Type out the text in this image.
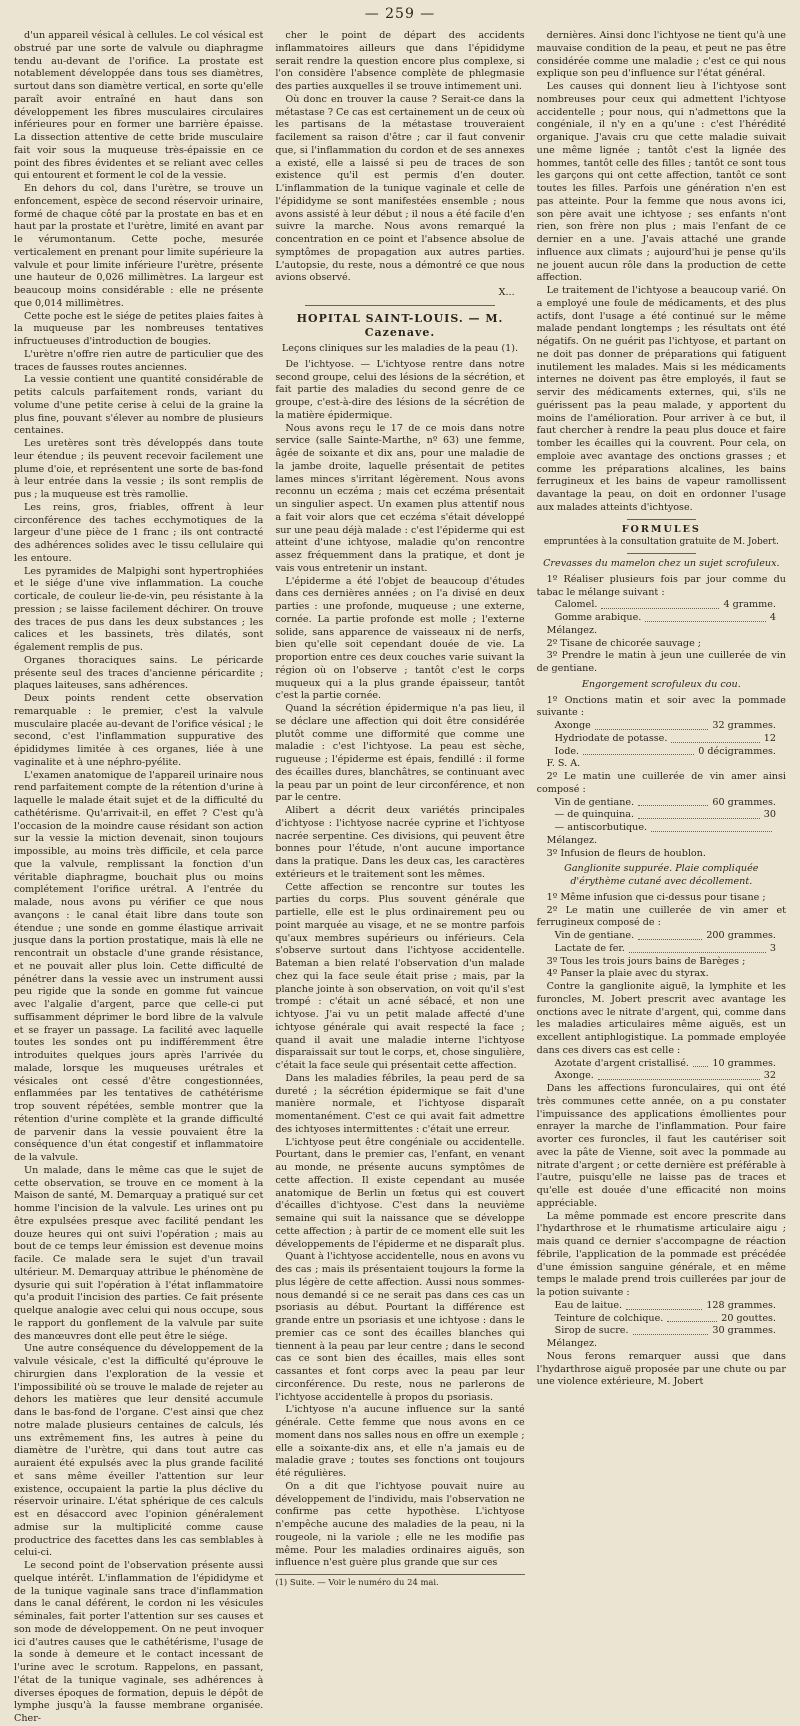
— 259 —

d'un appareil vésical à cellules. Le col vésical est obstrué par une sorte de valvule ou diaphragme tendu au-devant de l'orifice. La prostate est notablement développée dans tous ses diamètres, surtout dans son diamètre vertical, en sorte qu'elle paraît avoir entraîné en haut dans son développement les fibres musculaires circulaires inférieures pour en former une barrière épaisse. La dissection attentive de cette bride musculaire fait voir sous la muqueuse très-épaissie en ce point des fibres évidentes et se reliant avec celles qui entourent et forment le col de la vessie.

En dehors du col, dans l'urètre, se trouve un enfoncement, espèce de second réservoir urinaire, formé de chaque côté par la prostate en bas et en haut par la prostate et l'urètre, limité en avant par le vérumontanum. Cette poche, mesurée verticalement en prenant pour limite supérieure la valvule et pour limite inférieure l'urètre, présente une hauteur de 0,026 millimètres. La largeur est beaucoup moins considérable : elle ne présente que 0,014 millimètres.

Cette poche est le siége de petites plaies faites à la muqueuse par les nombreuses tentatives infructueuses d'introduction de bougies.

L'urètre n'offre rien autre de particulier que des traces de fausses routes anciennes.

La vessie contient une quantité considérable de petits calculs parfaitement ronds, variant du volume d'une petite cerise à celui de la graine la plus fine, pouvant s'élever au nombre de plusieurs centaines.

Les uretères sont très développés dans toute leur étendue ; ils peuvent recevoir facilement une plume d'oie, et représentent une sorte de bas-fond à leur entrée dans la vessie ; ils sont remplis de pus ; la muqueuse est très ramollie.

Les reins, gros, friables, offrent à leur circonférence des taches ecchymotiques de la largeur d'une pièce de 1 franc ; ils ont contracté des adhérences solides avec le tissu cellulaire qui les entoure.

Les pyramides de Malpighi sont hypertrophiées et le siége d'une vive inflammation. La couche corticale, de couleur lie-de-vin, peu résistante à la pression ; se laisse facilement déchirer. On trouve des traces de pus dans les deux substances ; les calices et les bassinets, très dilatés, sont également remplis de pus.

Organes thoraciques sains. Le péricarde présente seul des traces d'ancienne péricardite ; plaques laiteuses, sans adhérences.

Deux points rendent cette observation remarquable : le premier, c'est la valvule musculaire placée au-devant de l'orifice vésical ; le second, c'est l'inflammation suppurative des épididymes limitée à ces organes, liée à une vaginalite et à une néphro-pyélite.

L'examen anatomique de l'appareil urinaire nous rend parfaitement compte de la rétention d'urine à laquelle le malade était sujet et de la difficulté du cathétérisme. Qu'arrivait-il, en effet ? C'est qu'à l'occasion de la moindre cause résidant son action sur la vessie la miction devenait, sinon toujours impossible, au moins très difficile, et cela parce que la valvule, remplissant la fonction d'un véritable diaphragme, bouchait plus ou moins complétement l'orifice urétral. A l'entrée du malade, nous avons pu vérifier ce que nous avançons : le canal était libre dans toute son étendue ; une sonde en gomme élastique arrivait jusque dans la portion prostatique, mais là elle ne rencontrait un obstacle d'une grande résistance, et ne pouvait aller plus loin. Cette difficulté de pénétrer dans la vessie avec un instrument aussi peu rigide que la sonde en gomme fut vaincue avec l'algalie d'argent, parce que celle-ci put suffisamment déprimer le bord libre de la valvule et se frayer un passage. La facilité avec laquelle toutes les sondes ont pu indifféremment être introduites quelques jours après l'arrivée du malade, lorsque les muqueuses urétrales et vésicales ont cessé d'être congestionnées, enflammées par les tentatives de cathétérisme trop souvent répétées, semble montrer que la rétention d'urine complète et la grande difficulté de parvenir dans la vessie pouvaient être la conséquence d'un état congestif et inflammatoire de la valvule.

Un malade, dans le même cas que le sujet de cette observation, se trouve en ce moment à la Maison de santé, M. Demarquay a pratiqué sur cet homme l'incision de la valvule. Les urines ont pu être expulsées presque avec facilité pendant les douze heures qui ont suivi l'opération ; mais au bout de ce temps leur émission est devenue moins facile. Ce malade sera le sujet d'un travail ultérieur. M. Demarquay attribue le phénomène de dysurie qui suit l'opération à l'état inflammatoire qu'a produit l'incision des parties. Ce fait présente quelque analogie avec celui qui nous occupe, sous le rapport du gonflement de la valvule par suite des manœuvres dont elle peut être le siége.

Une autre conséquence du développement de la valvule vésicale, c'est la difficulté qu'éprouve le chirurgien dans l'exploration de la vessie et l'impossibilité où se trouve le malade de rejeter au dehors les matières que leur densité accumule dans le bas-fond de l'organe. C'est ainsi que chez notre malade plusieurs centaines de calculs, lés uns extrêmement fins, les autres à peine du diamètre de l'urètre, qui dans tout autre cas auraient été expulsés avec la plus grande facilité et sans même éveiller l'attention sur leur existence, occupaient la partie la plus déclive du réservoir urinaire. L'état sphérique de ces calculs est en désaccord avec l'opinion généralement admise sur la multiplicité comme cause productrice des facettes dans les cas semblables à celui-ci.

Le second point de l'observation présente aussi quelque intérêt. L'inflammation de l'épididyme et de la tunique vaginale sans trace d'inflammation dans le canal déférent, le cordon ni les vésicules séminales, fait porter l'attention sur ses causes et son mode de développement. On ne peut invoquer ici d'autres causes que le cathétérisme, l'usage de la sonde à demeure et le contact incessant de l'urine avec le scrotum. Rappelons, en passant, l'état de la tunique vaginale, ses adhérences à diverses époques de formation, depuis le dépôt de lymphe jusqu'à la fausse membrane organisée. Cher-

cher le point de départ des accidents inflammatoires ailleurs que dans l'épididyme serait rendre la question encore plus complexe, si l'on considère l'absence complète de phlegmasie des parties auxquelles il se trouve intimement uni.

Où donc en trouver la cause ? Serait-ce dans la métastase ? Ce cas est certainement un de ceux où les partisans de la métastase trouveraient facilement sa raison d'être ; car il faut convenir que, si l'inflammation du cordon et de ses annexes a existé, elle a laissé si peu de traces de son existence qu'il est permis d'en douter. L'inflammation de la tunique vaginale et celle de l'épididyme se sont manifestées ensemble ; nous avons assisté à leur début ; il nous a été facile d'en suivre la marche. Nous avons remarqué la concentration en ce point et l'absence absolue de symptômes de propagation aux autres parties. L'autopsie, du reste, nous a démontré ce que nous avions observé.

X...
HOPITAL SAINT-LOUIS. — M. Cazenave.
Leçons cliniques sur les maladies de la peau (1).

De l'ichtyose. — L'ichtyose rentre dans notre second groupe, celui des lésions de la sécrétion, et fait partie des maladies du second genre de ce groupe, c'est-à-dire des lésions de la sécrétion de la matière épidermique.

Nous avons reçu le 17 de ce mois dans notre service (salle Sainte-Marthe, nº 63) une femme, âgée de soixante et dix ans, pour une maladie de la jambe droite, laquelle présentait de petites lames minces s'irritant légèrement. Nous avons reconnu un eczéma ; mais cet eczéma présentait un singulier aspect. Un examen plus attentif nous a fait voir alors que cet eczéma s'était développé sur une peau déjà malade : c'est l'épiderme qui est atteint d'une ichtyose, maladie qu'on rencontre assez fréquemment dans la pratique, et dont je vais vous entretenir un instant.

L'épiderme a été l'objet de beaucoup d'études dans ces dernières années ; on l'a divisé en deux parties : une profonde, muqueuse ; une externe, cornée. La partie profonde est molle ; l'externe solide, sans apparence de vaisseaux ni de nerfs, bien qu'elle soit cependant douée de vie. La proportion entre ces deux couches varie suivant la région où on l'observe ; tantôt c'est le corps muqueux qui a la plus grande épaisseur, tantôt c'est la partie cornée.

Quand la sécrétion épidermique n'a pas lieu, il se déclare une affection qui doit être considérée plutôt comme une difformité que comme une maladie : c'est l'ichtyose. La peau est sèche, rugueuse ; l'épiderme est épais, fendillé : il forme des écailles dures, blanchâtres, se continuant avec la peau par un point de leur circonférence, et non par le centre.

Alibert a décrit deux variétés principales d'ichtyose : l'ichtyose nacrée cyprine et l'ichtyose nacrée serpentine. Ces divisions, qui peuvent être bonnes pour l'étude, n'ont aucune importance dans la pratique. Dans les deux cas, les caractères extérieurs et le traitement sont les mêmes.

Cette affection se rencontre sur toutes les parties du corps. Plus souvent générale que partielle, elle est le plus ordinairement peu ou point marquée au visage, et ne se montre parfois qu'aux membres supérieurs ou inférieurs. Cela s'observe surtout dans l'ichtyose accidentelle. Bateman a bien relaté l'observation d'un malade chez qui la face seule était prise ; mais, par la planche jointe à son observation, on voit qu'il s'est trompé : c'était un acné sébacé, et non une ichtyose. J'ai vu un petit malade affecté d'une ichtyose générale qui avait respecté la face ; quand il avait une maladie interne l'ichtyose disparaissait sur tout le corps, et, chose singulière, c'était la face seule qui présentait cette affection.

Dans les maladies fébriles, la peau perd de sa dureté ; la sécrétion épidermique se fait d'une manière normale, et l'ichtyose disparaît momentanément. C'est ce qui avait fait admettre des ichtyoses intermittentes : c'était une erreur.

L'ichtyose peut être congéniale ou accidentelle. Pourtant, dans le premier cas, l'enfant, en venant au monde, ne présente aucuns symptômes de cette affection. Il existe cependant au musée anatomique de Berlin un fœtus qui est couvert d'écailles d'ichtyose. C'est dans la neuvième semaine qui suit la naissance que se développe cette affection ; à partir de ce moment elle suit les développements de l'épiderme et ne disparaît plus.

Quant à l'ichtyose accidentelle, nous en avons vu des cas ; mais ils présentaient toujours la forme la plus légère de cette affection. Aussi nous sommes-nous demandé si ce ne serait pas dans ces cas un psoriasis au début. Pourtant la différence est grande entre un psoriasis et une ichtyose : dans le premier cas ce sont des écailles blanches qui tiennent à la peau par leur centre ; dans le second cas ce sont bien des écailles, mais elles sont cassantes et font corps avec la peau par leur circonférence. Du reste, nous ne parlerons de l'ichtyose accidentelle à propos du psoriasis.

L'ichtyose n'a aucune influence sur la santé générale. Cette femme que nous avons en ce moment dans nos salles nous en offre un exemple ; elle a soixante-dix ans, et elle n'a jamais eu de maladie grave ; toutes ses fonctions ont toujours été régulières.

On a dit que l'ichtyose pouvait nuire au développement de l'individu, mais l'observation ne confirme pas cette hypothèse. L'ichtyose n'empêche aucune des maladies de la peau, ni la rougeole, ni la variole ; elle ne les modifie pas même. Pour les maladies ordinaires aiguës, son influence n'est guère plus grande que sur ces

(1) Suite. — Voir le numéro du 24 mai.

dernières. Ainsi donc l'ichtyose ne tient qu'à une mauvaise condition de la peau, et peut ne pas être considérée comme une maladie ; c'est ce qui nous explique son peu d'influence sur l'état général.

Les causes qui donnent lieu à l'ichtyose sont nombreuses pour ceux qui admettent l'ichtyose accidentelle ; pour nous, qui n'admettons que la congéniale, il n'y en a qu'une : c'est l'hérédité organique. J'avais cru que cette maladie suivait une même lignée ; tantôt c'est la lignée des hommes, tantôt celle des filles ; tantôt ce sont tous les garçons qui ont cette affection, tantôt ce sont toutes les filles. Parfois une génération n'en est pas atteinte. Pour la femme que nous avons ici, son père avait une ichtyose ; ses enfants n'ont rien, son frère non plus ; mais l'enfant de ce dernier en a une. J'avais attaché une grande influence aux climats ; aujourd'hui je pense qu'ils ne jouent aucun rôle dans la production de cette affection.

Le traitement de l'ichtyose a beaucoup varié. On a employé une foule de médicaments, et des plus actifs, dont l'usage a été continué sur le même malade pendant longtemps ; les résultats ont été négatifs. On ne guérit pas l'ichtyose, et partant on ne doit pas donner de préparations qui fatiguent inutilement les malades. Mais si les médicaments internes ne doivent pas être employés, il faut se servir des médicaments externes, qui, s'ils ne guérissent pas la peau malade, y apportent du moins de l'amélioration. Pour arriver à ce but, il faut chercher à rendre la peau plus douce et faire tomber les écailles qui la couvrent. Pour cela, on emploie avec avantage des onctions grasses ; et comme les préparations alcalines, les bains ferrugineux et les bains de vapeur ramollissent davantage la peau, on doit en ordonner l'usage aux malades atteints d'ichtyose.

FORMULES
empruntées à la consultation gratuite de M. Jobert.
Crevasses du mamelon chez un sujet scrofuleux.

1º Réaliser plusieurs fois par jour comme du tabac le mélange suivant :

Calomel.	4 gramme.
Gomme arabique.	4

Mélangez.

2º Tisane de chicorée sauvage ;

3º Prendre le matin à jeun une cuillerée de vin de gentiane.

Engorgement scrofuleux du cou.

1º Onctions matin et soir avec la pommade suivante :

Axonge	32 grammes.
Hydriodate de potasse.	12
Iode.	0 décigrammes.

F. S. A.

2º Le matin une cuillerée de vin amer ainsi composé :

Vin de gentiane.	60 grammes.
— de quinquina.	30
— antiscorbutique.

Mélangez.

3º Infusion de fleurs de houblon.

Ganglionite suppurée. Plaie compliquée d'érythème cutané avec décollement.

1º Même infusion que ci-dessus pour tisane ;

2º Le matin une cuillerée de vin amer et ferrugineux composé de :

Vin de gentiane.	200 grammes.
Lactate de fer.	3

3º Tous les trois jours bains de Barèges ;

4º Panser la plaie avec du styrax.

Contre la ganglionite aiguë, la lymphite et les furoncles, M. Jobert prescrit avec avantage les onctions avec le nitrate d'argent, qui, comme dans les maladies articulaires même aiguës, est un excellent antiphlogistique. La pommade employée dans ces divers cas est celle :

Azotate d'argent cristallisé. 10 grammes.
Axonge.	32

Dans les affections furonculaires, qui ont été très communes cette année, on a pu constater l'impuissance des applications émollientes pour enrayer la marche de l'inflammation. Pour faire avorter ces furoncles, il faut les cautériser soit avec la pâte de Vienne, soit avec la pommade au nitrate d'argent ; or cette dernière est préférable à l'autre, puisqu'elle ne laisse pas de traces et qu'elle est douée d'une efficacité non moins appréciable.

La même pommade est encore prescrite dans l'hydarthrose et le rhumatisme articulaire aigu ; mais quand ce dernier s'accompagne de réaction fébrile, l'application de la pommade est précédée d'une émission sanguine générale, et en même temps le malade prend trois cuillerées par jour de la potion suivante :

Eau de laitue.	128 grammes.
Teinture de colchique.	20 gouttes.
Sirop de sucre.	30 grammes.

Mélangez.

Nous ferons remarquer aussi que dans l'hydarthrose aiguë proposée par une chute ou par une violence extérieure, M. Jobert
